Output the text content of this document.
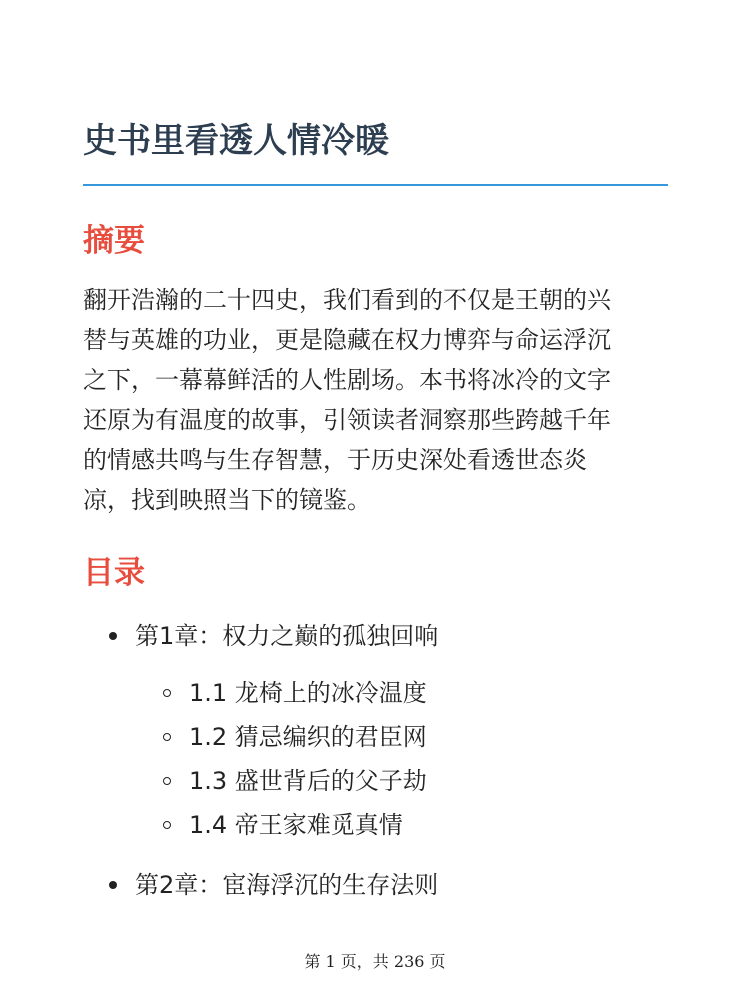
史书里看透人情冷暖
摘要
翻开浩瀚的二十四史，我们看到的不仅是王朝的兴
替与英雄的功业，更是隐藏在权力博弈与命运浮沉
之下，一幕幕鲜活的人性剧场。本书将冰冷的文字
还原为有温度的故事，引领读者洞察那些跨越千年
的情感共鸣与生存智慧，于历史深处看透世态炎
凉，找到映照当下的镜鉴。
目录
第1章：权力之巅的孤独回响
1.1 龙椅上的冰冷温度
1.2 猜忌编织的君臣网
1.3 盛世背后的父子劫
1.4 帝王家难觅真情
第2章：宦海浮沉的生存法则
第 1 页，共 236 页
